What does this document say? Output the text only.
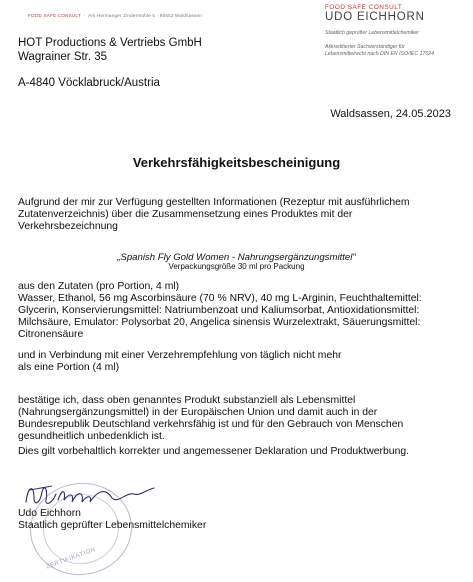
FOOD SAFE CONSULT  ·  Am Hermanger Zindermühle 5 · 95652 Waldsassen
FOOD SAFE CONSULT
UDO EICHHORN
Staatlich geprüfter Lebensmittelchemiker
Akkreditierter Sachverständiger für
Lebensmittelrecht nach DIN EN ISO/IEC 17024
HOT Productions & Vertriebs GmbH
Wagrainer Str. 35
A-4840 Vöcklabruck/Austria
Waldsassen, 24.05.2023
Verkehrsfähigkeitsbescheinigung
Aufgrund der mir zur Verfügung gestellten Informationen (Rezeptur mit ausführlichem
Zutatenverzeichnis) über die Zusammensetzung eines Produktes mit der
Verkehrsbezeichnung
„Spanish Fly Gold Women - Nahrungsergänzungsmittel"
Verpackungsgröße 30 ml pro Packung
aus den Zutaten (pro Portion, 4 ml)
Wasser, Ethanol, 56 mg Ascorbinsäure (70 % NRV), 40 mg L-Arginin, Feuchthaltemittel:
Glycerin, Konservierungsmittel: Natriumbenzoat und Kaliumsorbat, Antioxidationsmittel:
Milchsäure, Emulator: Polysorbat 20, Angelica sinensis Wurzelextrakt, Säuerungsmittel:
Citronensäure
und in Verbindung mit einer Verzehrempfehlung von täglich nicht mehr
als eine Portion (4 ml)
bestätige ich, dass oben genanntes Produkt substanziell als Lebensmittel
(Nahrungsergänzungsmittel) in der Europäischen Union und damit auch in der
Bundesrepublik Deutschland verkehrsfähig ist und für den Gebrauch von Menschen
gesundheitlich unbedenklich ist.
Dies gilt vorbehaltlich korrekter und angemessener Deklaration und Produktwerbung.
ZERTIFIKATION
Udo Eichhorn
Staatlich geprüfter Lebensmittelchemiker
